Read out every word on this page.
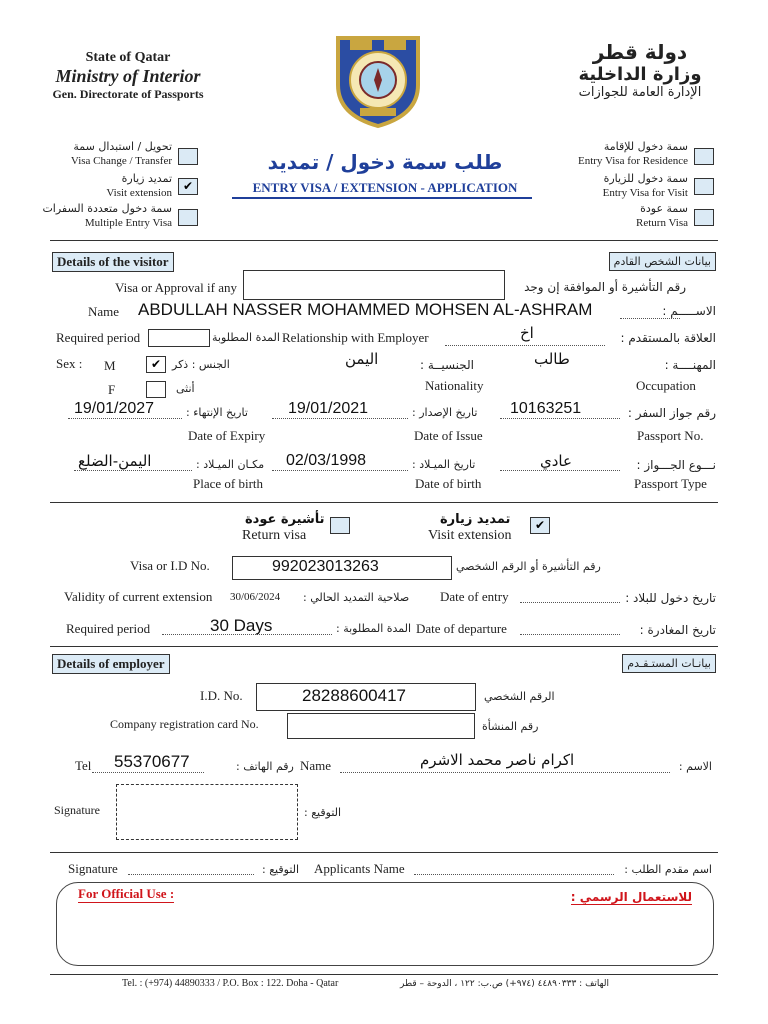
State of Qatar
Ministry of Interior
Gen. Directorate of Passports
دولة قطر
وزارة الداخلية
الإدارة العامة للجوازات
طلب سمة دخول / تمديد
ENTRY VISA / EXTENSION - APPLICATION
تحويل / استبدال سمة
Visa Change / Transfer
تمديد زيارة
Visit extension ✔
سمة دخول متعددة السفرات
Multiple Entry Visa
سمة دخول للإقامة
Entry Visa for Residence
سمة دخول للزيارة
Entry Visa for Visit
سمة عودة
Return Visa
Details of the visitor	بيانات الشخص القادم
Visa or Approval if any	رقم التأشيرة أو الموافقة إن وجد
Name ABDULLAH NASSER MOHAMMED MOHSEN AL-ASHRAM	الاســـــم :
Required period	المدة المطلوبة Relationship with Employer	اخ	العلاقة بالمستقدم :
Sex : M	✔ الجنس : ذكر	اليمن	الجنسيــة :	طالب	المهنــــة :
F	أنثى	Nationality	Occupation
19/01/2027	تاريخ الإنتهاء :	19/01/2021	تاريخ الإصدار : 10163251	رقم جواز السفر :
Date of Expiry	Date of Issue	Passport No.
اليمن-الضلع	مكـان الميـلاد : 02/03/1998	تاريخ الميـلاد :	عادي	نـــوع الجـــواز :
Place of birth	Date of birth	Passport Type
تأشيرة عودة
Return visa
تمديد زيارة
Visit extension
✔
Visa or I.D No.	992023013263	رقم التأشيرة أو الرقم الشخصي
Validity of current extension 30/06/2024 صلاحية التمديد الحالي : Date of entry	تاريخ دخول للبلاد :
Required period	30 Days	المدة المطلوبة : Date of departure	تاريخ المغادرة :
Details of employer	بيانـات المستـقـدم
I.D. No.	28288600417	الرقم الشخصي
Company registration card No.	رقم المنشأة
Tel 55370677	رقم الهاتف : Name	اكرام ناصر محمد الاشرم	الاسم :
Signature	التوقيع :
Signature	التوقيع : Applicants Name	اسم مقدم الطلب :
For Official Use :	للاستعمال الرسمي :
Tel. : (+974) 44890333 / P.O. Box : 122. Doha - Qatar	الهاتف : ٤٤٨٩٠٣٣٣ (٩٧٤+) ص.ب: ١٢٢ ، الدوحة – قطر
